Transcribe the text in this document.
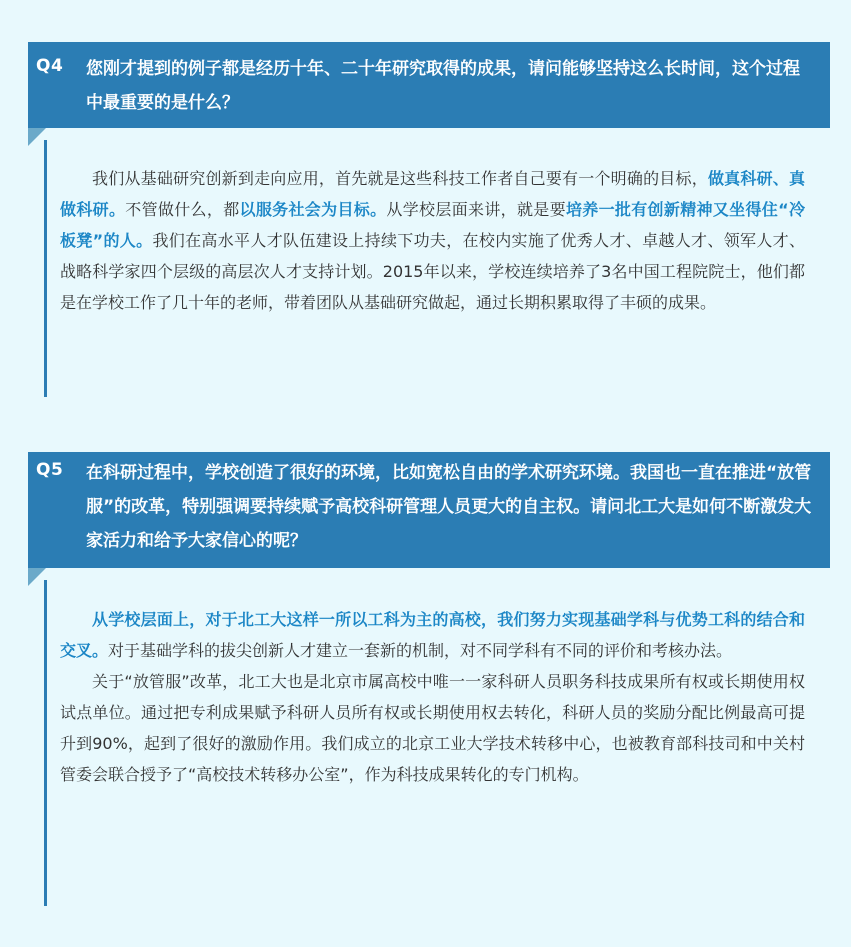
Q4 您刚才提到的例子都是经历十年、二十年研究取得的成果，请问能够坚持这么长时间，这个过程中最重要的是什么？

我们从基础研究创新到走向应用，首先就是这些科技工作者自己要有一个明确的目标，做真科研、真做科研。不管做什么，都以服务社会为目标。从学校层面来讲，就是要培养一批有创新精神又坐得住“冷板凳”的人。我们在高水平人才队伍建设上持续下功夫，在校内实施了优秀人才、卓越人才、领军人才、战略科学家四个层级的高层次人才支持计划。2015年以来，学校连续培养了3名中国工程院院士，他们都是在学校工作了几十年的老师，带着团队从基础研究做起，通过长期积累取得了丰硕的成果。

Q5 在科研过程中，学校创造了很好的环境，比如宽松自由的学术研究环境。我国也一直在推进“放管服”的改革，特别强调要持续赋予高校科研管理人员更大的自主权。请问北工大是如何不断激发大家活力和给予大家信心的呢？

从学校层面上，对于北工大这样一所以工科为主的高校，我们努力实现基础学科与优势工科的结合和交叉。对于基础学科的拔尖创新人才建立一套新的机制，对不同学科有不同的评价和考核办法。

关于“放管服”改革，北工大也是北京市属高校中唯一一家科研人员职务科技成果所有权或长期使用权试点单位。通过把专利成果赋予科研人员所有权或长期使用权去转化，科研人员的奖励分配比例最高可提升到90%，起到了很好的激励作用。我们成立的北京工业大学技术转移中心，也被教育部科技司和中关村管委会联合授予了“高校技术转移办公室”，作为科技成果转化的专门机构。
